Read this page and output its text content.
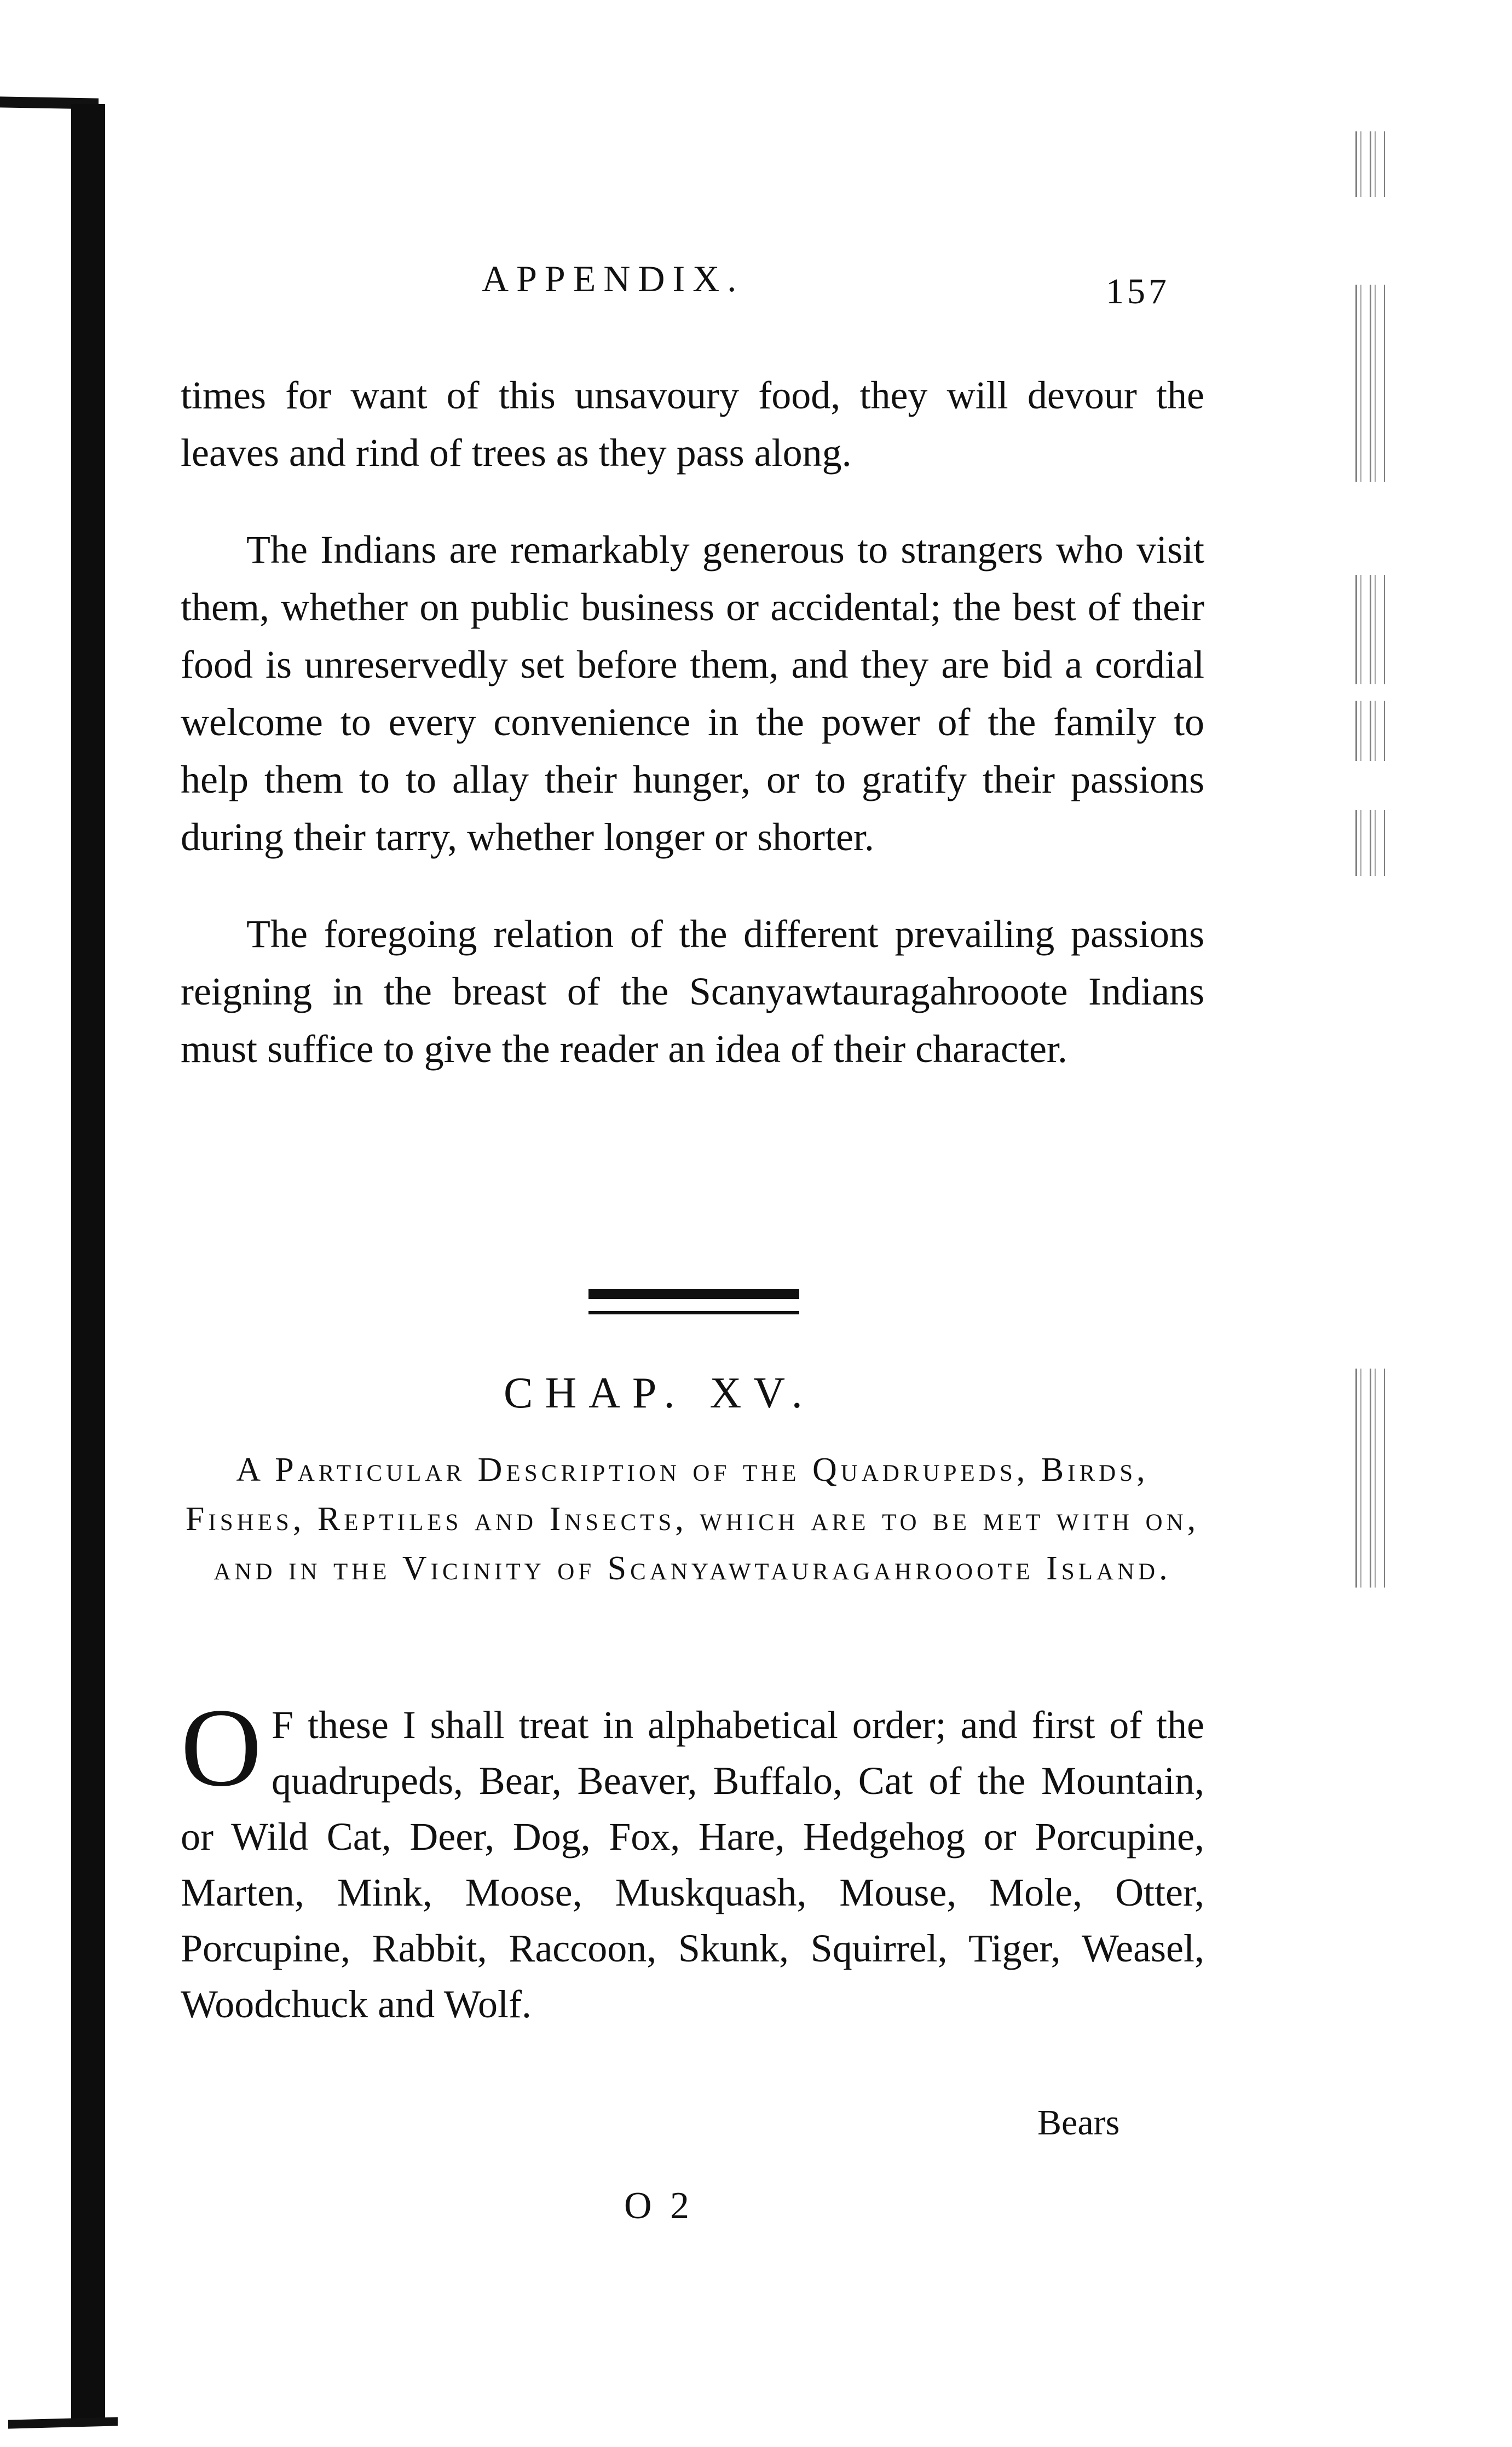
APPENDIX.	157

times for want of this unsavoury food, they will devour the leaves and rind of trees as they pass along.

The Indians are remarkably generous to strangers who visit them, whether on public business or accidental; the best of their food is unreservedly set before them, and they are bid a cordial welcome to every convenience in the power of the family to help them to to allay their hunger, or to gratify their passions during their tarry, whether longer or shorter.

The foregoing relation of the different prevailing passions reigning in the breast of the Scanyawtauragahrooote Indians must suffice to give the reader an idea of their character.

CHAP. XV.
A Particular Description of the Quadrupeds, Birds, Fishes, Reptiles and Insects, which are to be met with on, and in the Vicinity of Scanyawtauragahrooote Island.
O F these I shall treat in alphabetical order; and first of the quadrupeds, Bear, Beaver, Buffalo, Cat of the Mountain, or Wild Cat, Deer, Dog, Fox, Hare, Hedgehog or Porcupine, Marten, Mink, Moose, Muskquash, Mouse, Mole, Otter, Porcupine, Rabbit, Raccoon, Skunk, Squirrel, Tiger, Weasel, Woodchuck and Wolf.
Bears
O 2
